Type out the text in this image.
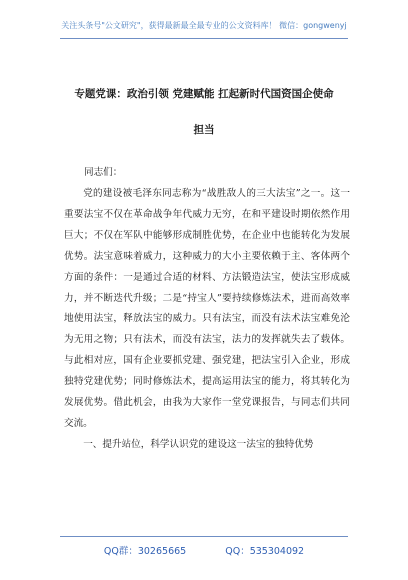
关注头条号"公文研究"，获得最新最全最专业的公文资料库！ 微信：gongwenyj
专题党课：政治引领 党建赋能 扛起新时代国资国企使命
担当
同志们：

党的建设被毛泽东同志称为“战胜敌人的三大法宝”之一。这一重要法宝不仅在革命战争年代威力无穷，在和平建设时期依然作用巨大；不仅在军队中能够形成制胜优势，在企业中也能转化为发展优势。法宝意味着威力，这种威力的大小主要依赖于主、客体两个方面的条件：一是通过合适的材料、方法锻造法宝，使法宝形成威力，并不断迭代升级；二是“持宝人”要持续修炼法术，进而高效率地使用法宝，释放法宝的威力。只有法宝，而没有法术法宝难免沦为无用之物；只有法术，而没有法宝，法力的发挥就失去了载体。与此相对应，国有企业要抓党建、强党建，把法宝引入企业，形成独特党建优势；同时修炼法术，提高运用法宝的能力，将其转化为发展优势。借此机会，由我为大家作一堂党课报告，与同志们共同交流。

一、提升站位，科学认识党的建设这一法宝的独特优势

QQ群：30265665	QQ：535304092
